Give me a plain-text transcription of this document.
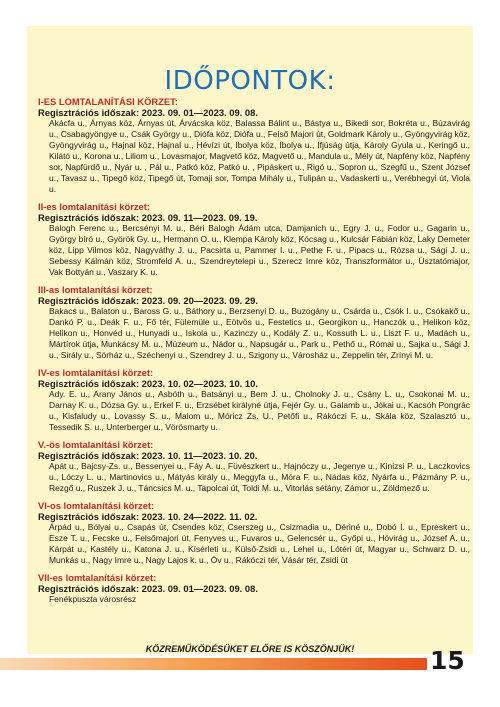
IDŐPONTOK:

I-ES LOMTALANÍTÁSI KÖRZET:

Regisztrációs időszak: 2023. 09. 01—2023. 09. 08.

Akácfa u., Árnyas köz, Árnyas út, Árvácska köz, Balassa Bálint u., Bástya u., Bikedi sor, Bokréta u., Búzavirág u., Csabagyöngye u., Csák György u., Diófa köz, Diófa u., Felső Majori út, Goldmark Károly u., Gyöngyvirág köz, Gyöngyvirág u., Hajnal köz, Hajnal u., Hévízi út, Ibolya köz, Ibolya u., Ifjúság útja, Károly Gyula u., Keringő u., Kilátó u., Korona u., Liliom u., Lovasmajor, Magvető köz, Magvető u., Mandula u., Mély út, Napfény köz, Napfény sor, Napfürdő u., Nyár u. , Pál u., Patkó köz, Patkó u. , Pipáskert u., Rigó u., Sopron u., Szegfű u., Szent József u., Tavasz u., Tipegő köz, Tipegő út, Tomaji sor, Tompa Mihály u., Tulipán u., Vadaskerti u., Verébhegyi út, Viola u.

II-es lomtalanítási körzet:

Regisztrációs időszak: 2023. 09. 11—2023. 09. 19.

Balogh Ferenc u., Bercsényi M. u., Béri Balogh Ádám utca, Damjanich u., Egry J. u., Fodor u., Gagarin u., György bíró u., Györök Gy. u., Hermann O. u., Klempa Károly köz, Kócsag u., Kulcsár Fábián köz, Laky Demeter köz, Lipp Vilmos köz, Nagyváthy J. u., Pacsirta u, Pammer I. u., Pethe F. u., Pipacs u., Rózsa u., Sági J. u., Sebessy Kálmán köz, Stromfeld A. u., Szendreytelepi u., Szerecz Imre köz, Transzformátor u., Úsztatómajor, Vak Bottyán u., Vaszary K. u.

III-as lomtalanítási körzet:

Regisztrációs időszak: 2023. 09. 20—2023. 09. 29.

Bakacs u., Balaton u., Baross G. u., Báthory u., Berzsenyi D. u., Buzogány u., Csárda u., Csók I. u., Csókakő u., Dankó P. u., Deák F. u., Fő tér, Fülemüle u., Eötvös u., Festetics u., Georgikon u., Hanczók u., Helikon köz, Helikon u., Honvéd u., Hunyadi u., Iskola u., Kazinczy u., Kodály Z. u., Kossuth L. u., Liszt F. u., Madách u., Mártírok útja, Munkácsy M. u., Múzeum u., Nádor u., Napsugár u., Park u., Pethő u., Római u., Sajka u., Sági J. u., Sirály u., Sörház u., Széchenyi u., Szendrey J. u., Szigony u., Városház u., Zeppelin tér, Zrínyi M. u.

IV-es lomtalanítási körzet:

Regisztrációs időszak: 2023. 10. 02—2023. 10. 10.

Ady. E. u., Arany János u., Asbóth u., Batsányi u., Bem J. u., Cholnoky J. u., Csány L. u., Csokonai M. u., Darnay K. u., Dózsa Gy. u., Erkel F. u., Erzsébet királyné útja, Fejér Gy. u., Galamb u., Jókai u., Kacsóh Pongrác u., Kisfaludy u., Lovassy S. u., Malom u., Móricz Zs. U., Petőfi u., Rákóczi F. u., Skála köz, Szalasztó u., Tessedik S. u., Unterberger u., Vörösmarty u.

V.-ös lomtalanítási körzet:

Regisztrációs időszak: 2023. 10. 11—2023. 10. 20.

Apát u., Bajcsy-Zs. u., Bessenyei u., Fáy A. u., Füvészkert u., Hajnóczy u., Jegenye u., Kinizsi P. u., Laczkovics u., Lóczy L. u., Martinovics u., Mátyás király u., Meggyfa u., Móra F. u., Nádas köz, Nyárfa u., Pázmány P. u., Rezgő u., Ruszek J. u., Táncsics M. u., Tapolcai út, Toldi M. u., Vitorlás sétány, Zámor u., Zöldmező u.

VI-os lomtalanítási körzet:

Regisztrációs időszak: 2023. 10. 24—2022. 11. 02.

Árpád u., Bólyai u., Csapás út, Csendes köz, Cserszeg u., Csizmadia u., Dériné u., Dobó I. u., Epreskert u., Esze T. u., Fecske u., Felsőmajori út, Fenyves u., Fuvaros u., Gelencsér u., Győpi u., Hóvirág u., József A. u., Kárpát u., Kastély u., Katona J. u., Kísérleti u., Külső-Zsidi u., Lehel u., Lótéri út, Magyar u., Schwarz D. u., Munkás u., Nagy Imre u., Nagy Lajos k. u., Öv u., Rákóczi tér, Vásár tér, Zsidi út

VII-es lomtalanítási körzet:

Regisztrációs időszak: 2023. 09. 01—2023. 09. 08.

Fenékpuszta városrész

KÖZREMŰKÖDÉSÜKET ELŐRE IS KÖSZÖNJÜK!	15
